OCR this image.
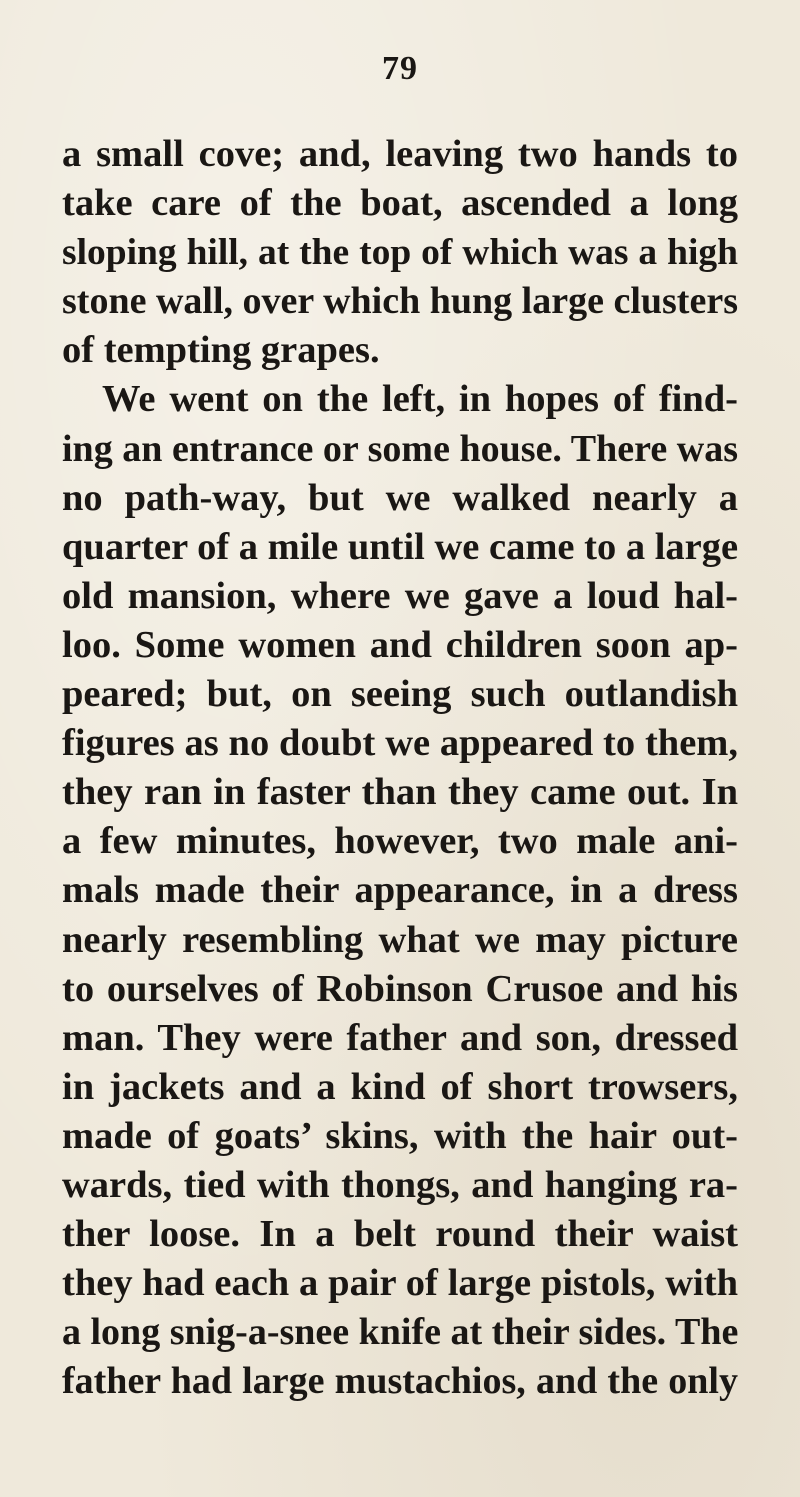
79
a small cove; and, leaving two hands to
take care of the boat, ascended a long
sloping hill, at the top of which was a high
stone wall, over which hung large clusters
of tempting grapes.
We went on the left, in hopes of find-
ing an entrance or some house. There was
no path-way, but we walked nearly a
quarter of a mile until we came to a large
old mansion, where we gave a loud hal-
loo. Some women and children soon ap-
peared; but, on seeing such outlandish
figures as no doubt we appeared to them,
they ran in faster than they came out. In
a few minutes, however, two male ani-
mals made their appearance, in a dress
nearly resembling what we may picture
to ourselves of Robinson Crusoe and his
man. They were father and son, dressed
in jackets and a kind of short trowsers,
made of goats’ skins, with the hair out-
wards, tied with thongs, and hanging ra-
ther loose. In a belt round their waist
they had each a pair of large pistols, with
a long snig-a-snee knife at their sides. The
father had large mustachios, and the only
